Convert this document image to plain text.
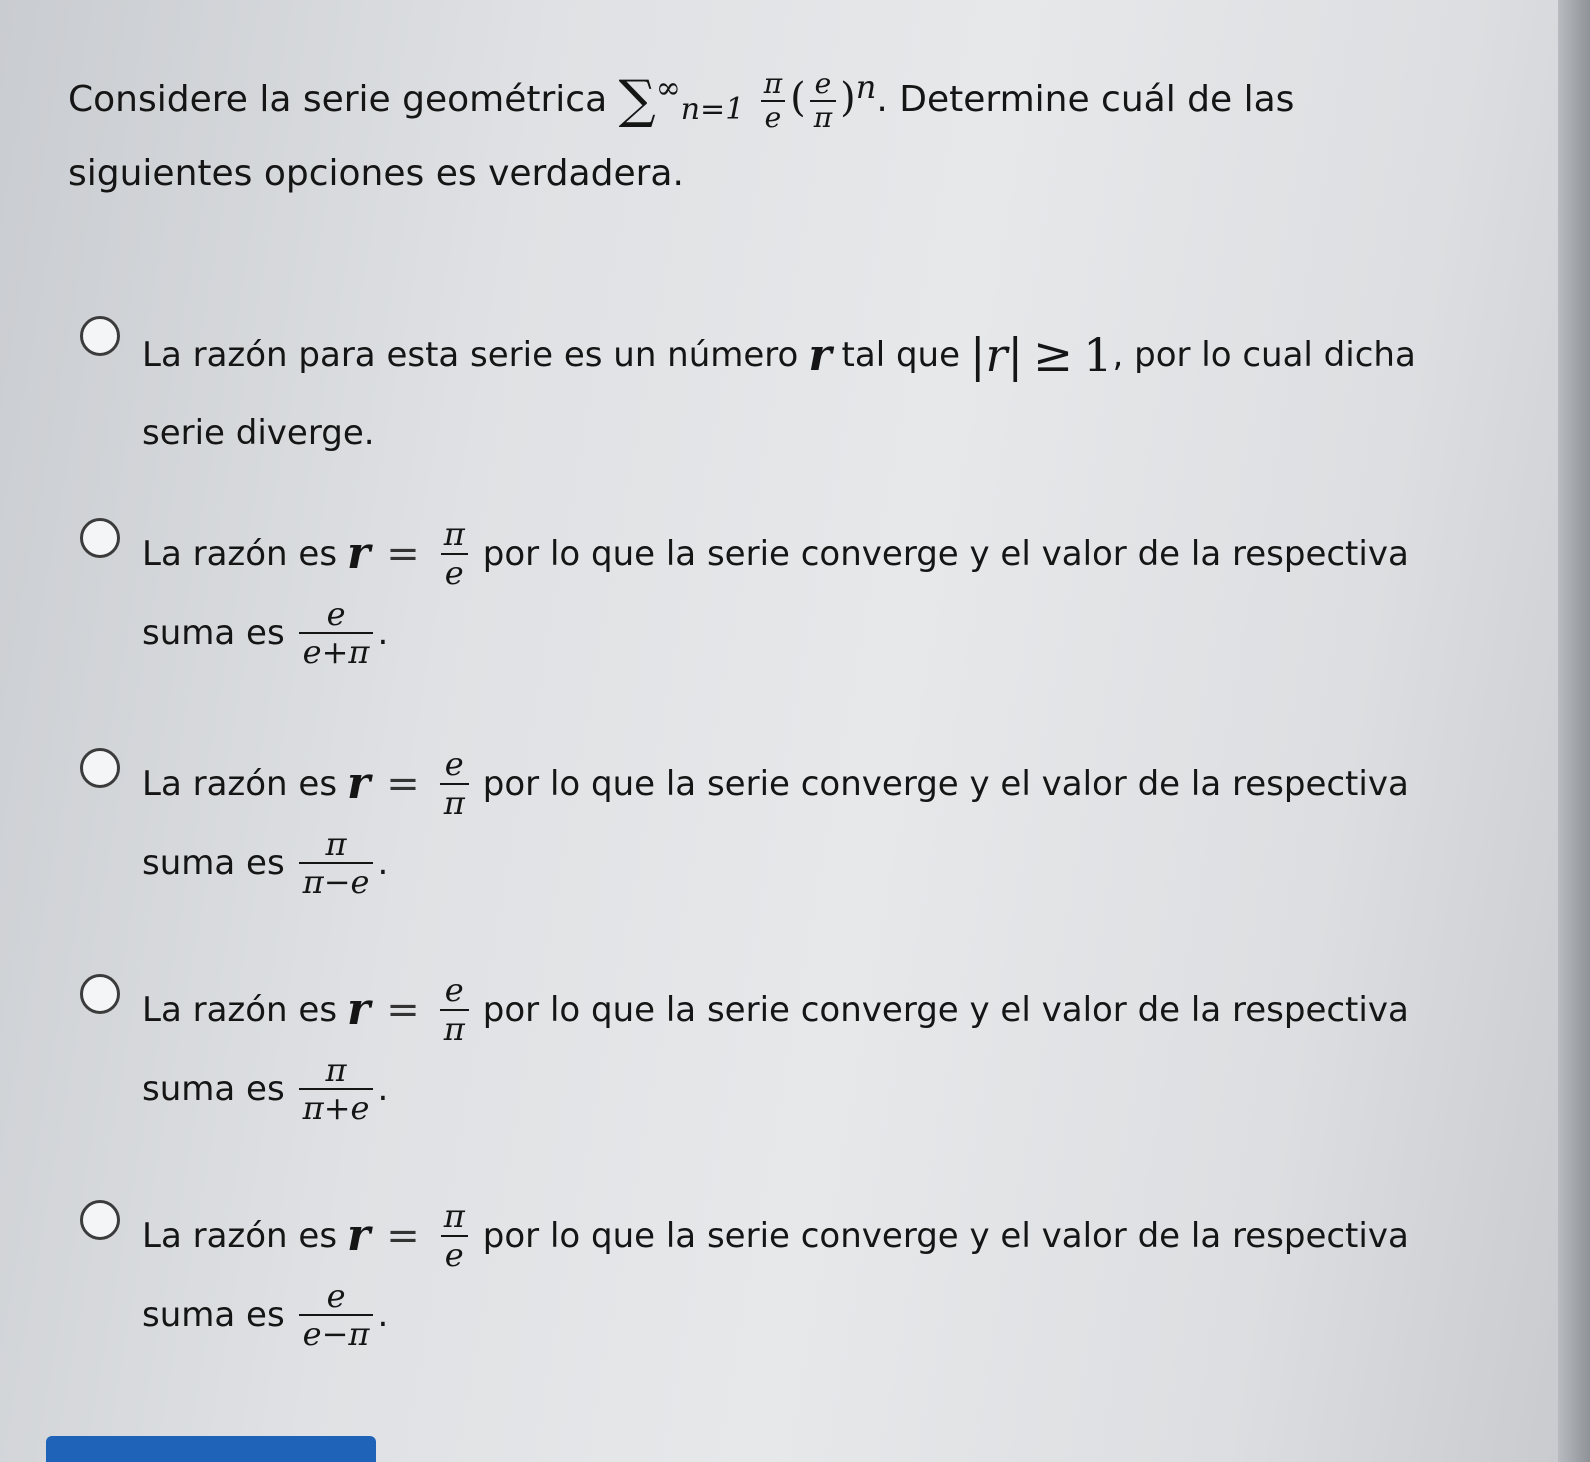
Considere la serie geométrica $\sum^\infty_{n=1} \frac{\pi}{e}$ ( $\frac{e}{\pi} )^n$. Determine cuál de las
siguientes opciones es verdadera.
La razón para esta serie es un número r tal que |r| ≥ 1 , por lo cual dicha
serie diverge.
La razón es $r = \frac{\pi}{e}$ por lo que la serie converge y el valor de la respectiva
suma es $\frac{e}{e+\pi}$ .
La razón es $r = \frac{e}{\pi}$ por lo que la serie converge y el valor de la respectiva
suma es $\frac{\pi}{\pi-e}$ .
La razón es $r = \frac{e}{\pi}$ por lo que la serie converge y el valor de la respectiva
suma es $\frac{\pi}{\pi+e}$ .
La razón es $r = \frac{\pi}{e}$ por lo que la serie converge y el valor de la respectiva
suma es $\frac{e}{e-\pi}$ .
